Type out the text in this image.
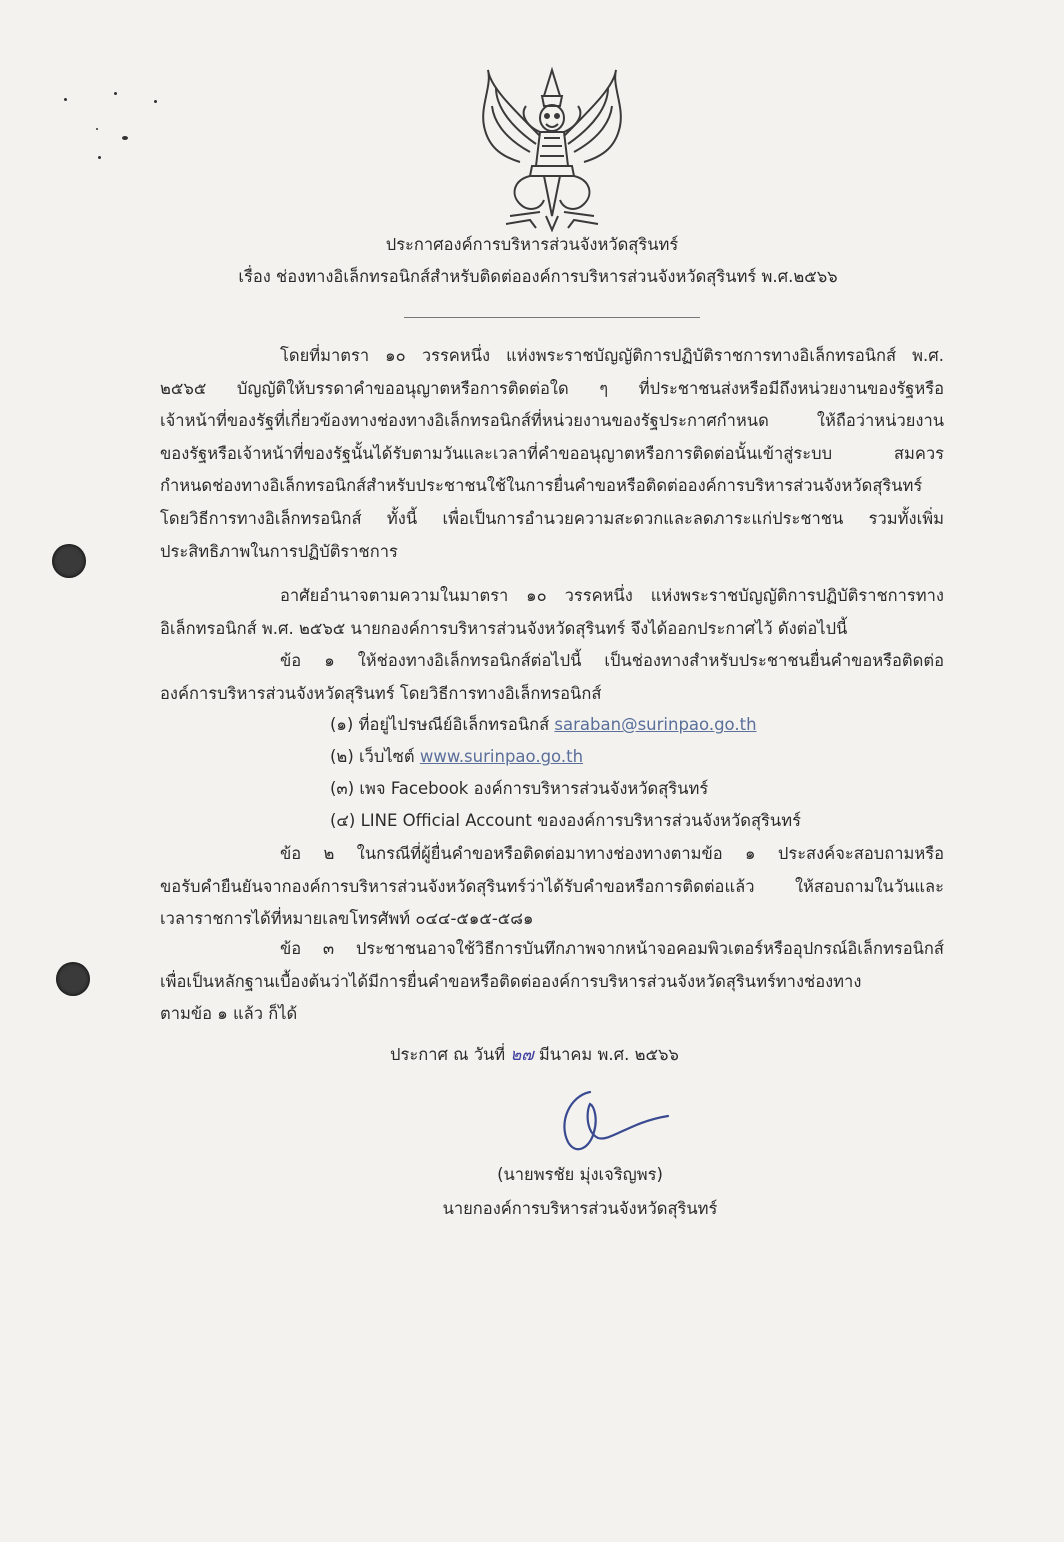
ประกาศองค์การบริหารส่วนจังหวัดสุรินทร์
เรื่อง ช่องทางอิเล็กทรอนิกส์สำหรับติดต่อองค์การบริหารส่วนจังหวัดสุรินทร์ พ.ศ.๒๕๖๖
โดยที่มาตรา ๑๐ วรรคหนึ่ง แห่งพระราชบัญญัติการปฏิบัติราชการทางอิเล็กทรอนิกส์ พ.ศ.
๒๕๖๕ บัญญัติให้บรรดาคำขออนุญาตหรือการติดต่อใด ๆ ที่ประชาชนส่งหรือมีถึงหน่วยงานของรัฐหรือ
เจ้าหน้าที่ของรัฐที่เกี่ยวข้องทางช่องทางอิเล็กทรอนิกส์ที่หน่วยงานของรัฐประกาศกำหนด ให้ถือว่าหน่วยงาน
ของรัฐหรือเจ้าหน้าที่ของรัฐนั้นได้รับตามวันและเวลาที่คำขออนุญาตหรือการติดต่อนั้นเข้าสู่ระบบ สมควร
กำหนดช่องทางอิเล็กทรอนิกส์สำหรับประชาชนใช้ในการยื่นคำขอหรือติดต่อองค์การบริหารส่วนจังหวัดสุรินทร์
โดยวิธีการทางอิเล็กทรอนิกส์ ทั้งนี้ เพื่อเป็นการอำนวยความสะดวกและลดภาระแก่ประชาชน รวมทั้งเพิ่ม
ประสิทธิภาพในการปฏิบัติราชการ
อาศัยอำนาจตามความในมาตรา ๑๐ วรรคหนึ่ง แห่งพระราชบัญญัติการปฏิบัติราชการทาง
อิเล็กทรอนิกส์ พ.ศ. ๒๕๖๕ นายกองค์การบริหารส่วนจังหวัดสุรินทร์ จึงได้ออกประกาศไว้ ดังต่อไปนี้
ข้อ ๑ ให้ช่องทางอิเล็กทรอนิกส์ต่อไปนี้ เป็นช่องทางสำหรับประชาชนยื่นคำขอหรือติดต่อ
องค์การบริหารส่วนจังหวัดสุรินทร์ โดยวิธีการทางอิเล็กทรอนิกส์
(๑) ที่อยู่ไปรษณีย์อิเล็กทรอนิกส์ saraban@surinpao.go.th
(๒) เว็บไซต์ www.surinpao.go.th
(๓) เพจ Facebook องค์การบริหารส่วนจังหวัดสุรินทร์
(๔) LINE Official Account ขององค์การบริหารส่วนจังหวัดสุรินทร์
ข้อ ๒ ในกรณีที่ผู้ยื่นคำขอหรือติดต่อมาทางช่องทางตามข้อ ๑ ประสงค์จะสอบถามหรือ
ขอรับคำยืนยันจากองค์การบริหารส่วนจังหวัดสุรินทร์ว่าได้รับคำขอหรือการติดต่อแล้ว ให้สอบถามในวันและ
เวลาราชการได้ที่หมายเลขโทรศัพท์ ๐๔๔-๕๑๕-๕๘๑
ข้อ ๓ ประชาชนอาจใช้วิธีการบันทึกภาพจากหน้าจอคอมพิวเตอร์หรืออุปกรณ์อิเล็กทรอนิกส์
เพื่อเป็นหลักฐานเบื้องต้นว่าได้มีการยื่นคำขอหรือติดต่อองค์การบริหารส่วนจังหวัดสุรินทร์ทางช่องทาง
ตามข้อ ๑ แล้ว ก็ได้
ประกาศ ณ วันที่ ๒๗ มีนาคม พ.ศ. ๒๕๖๖
(นายพรชัย มุ่งเจริญพร)
นายกองค์การบริหารส่วนจังหวัดสุรินทร์
